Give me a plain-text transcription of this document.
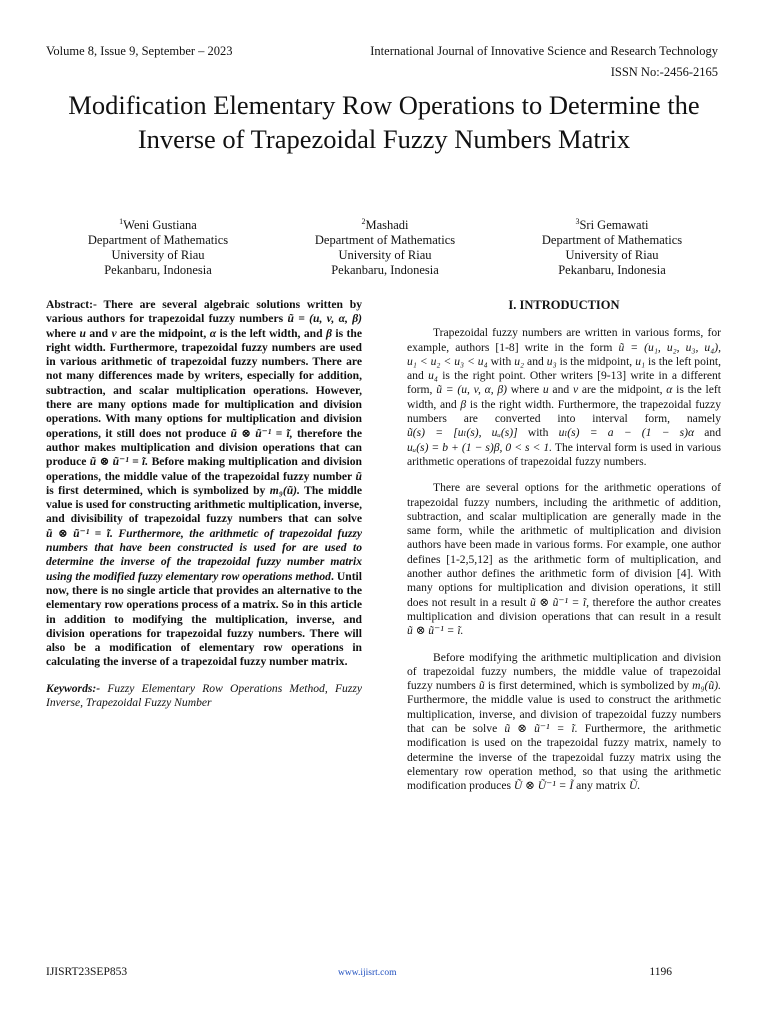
Volume 8, Issue 9, September – 2023	International Journal of Innovative Science and Research Technology
ISSN No:-2456-2165
Modification Elementary Row Operations to Determine the Inverse of Trapezoidal Fuzzy Numbers Matrix
$^1$Weni Gustiana
Department of Mathematics
University of Riau
Pekanbaru, Indonesia
$^2$Mashadi
Department of Mathematics
University of Riau
Pekanbaru, Indonesia
$^3$Sri Gemawati
Department of Mathematics
University of Riau
Pekanbaru, Indonesia

Abstract:- There are several algebraic solutions written by various authors for trapezoidal fuzzy numbers ũ = (u, v, α, β) where u and v are the midpoint, α is the left width, and β is the right width. Furthermore, trapezoidal fuzzy numbers are used in various arithmetic of trapezoidal fuzzy numbers. There are not many differences made by writers, especially for addition, subtraction, and scalar multiplication operations. However, there are many options made for multiplication and division operations. With many options for multiplication and division operations, it still does not produce ũ ⊗ ũ⁻¹ = ĩ, therefore the author makes multiplication and division operations that can produce ũ ⊗ ũ⁻¹ = ĩ. Before making multiplication and division operations, the middle value of the trapezoidal fuzzy number ũ is first determined, which is symbolized by m₉(ũ). The middle value is used for constructing arithmetic multiplication, inverse, and divisibility of trapezoidal fuzzy numbers that can solve ũ ⊗ ũ⁻¹ = ĩ. Furthermore, the arithmetic of trapezoidal fuzzy numbers that have been constructed is used for are used to determine the inverse of the trapezoidal fuzzy number matrix using the modified fuzzy elementary row operations method. Until now, there is no single article that provides an alternative to the elementary row operations process of a matrix. So in this article in addition to modifying the multiplication, inverse, and division operations for trapezoidal fuzzy numbers. There will also be a modification of elementary row operations in calculating the inverse of a trapezoidal fuzzy number matrix.

Keywords:- Fuzzy Elementary Row Operations Method, Fuzzy Inverse, Trapezoidal Fuzzy Number

I. INTRODUCTION

Trapezoidal fuzzy numbers are written in various forms, for example, authors [1-8] write in the form ũ = (u₁, u₂, u₃, u₄), u₁ < u₂ < u₃ < u₄ with u₂ and u₃ is the midpoint, u₁ is the left point, and u₄ is the right point. Other writers [9-13] write in a different form, ũ = (u, v, α, β) where u and v are the midpoint, α is the left width, and β is the right width. Furthermore, the trapezoidal fuzzy numbers are converted into interval form, namely ũ(s) = [uₗ(s), uᵤ(s)] with uₗ(s) = a − (1 − s)α and uᵤ(s) = b + (1 − s)β, 0 < s < 1. The interval form is used in various arithmetic operations of trapezoidal fuzzy numbers.

There are several options for the arithmetic operations of trapezoidal fuzzy numbers, including the arithmetic of addition, subtraction, and scalar multiplication are generally made in the same form, while the arithmetic of multiplication and division authors have been made in various forms. For example, one author defines [1-2,5,12] as the arithmetic form of multiplication, and another author defines the arithmetic form of division [4]. With many options for multiplication and division operations, it still does not result in a result ũ ⊗ ũ⁻¹ = ĩ, therefore the author creates multiplication and division operations that can result in a result ũ ⊗ ũ⁻¹ = ĩ.

Before modifying the arithmetic multiplication and division of trapezoidal fuzzy numbers, the middle value of trapezoidal fuzzy numbers ũ is first determined, which is symbolized by m₉(ũ). Furthermore, the middle value is used to construct the arithmetic multiplication, inverse, and division of trapezoidal fuzzy numbers that can be solve ũ ⊗ ũ⁻¹ = ĩ. Furthermore, the arithmetic modification is used on the trapezoidal fuzzy matrix, namely to determine the inverse of the trapezoidal fuzzy matrix using the elementary row operation method, so that using the arithmetic modification produces Ũ ⊗ Ũ⁻¹ = Ĩ any matrix Ũ.

IJISRT23SEP853	www.ijisrt.com	1196
